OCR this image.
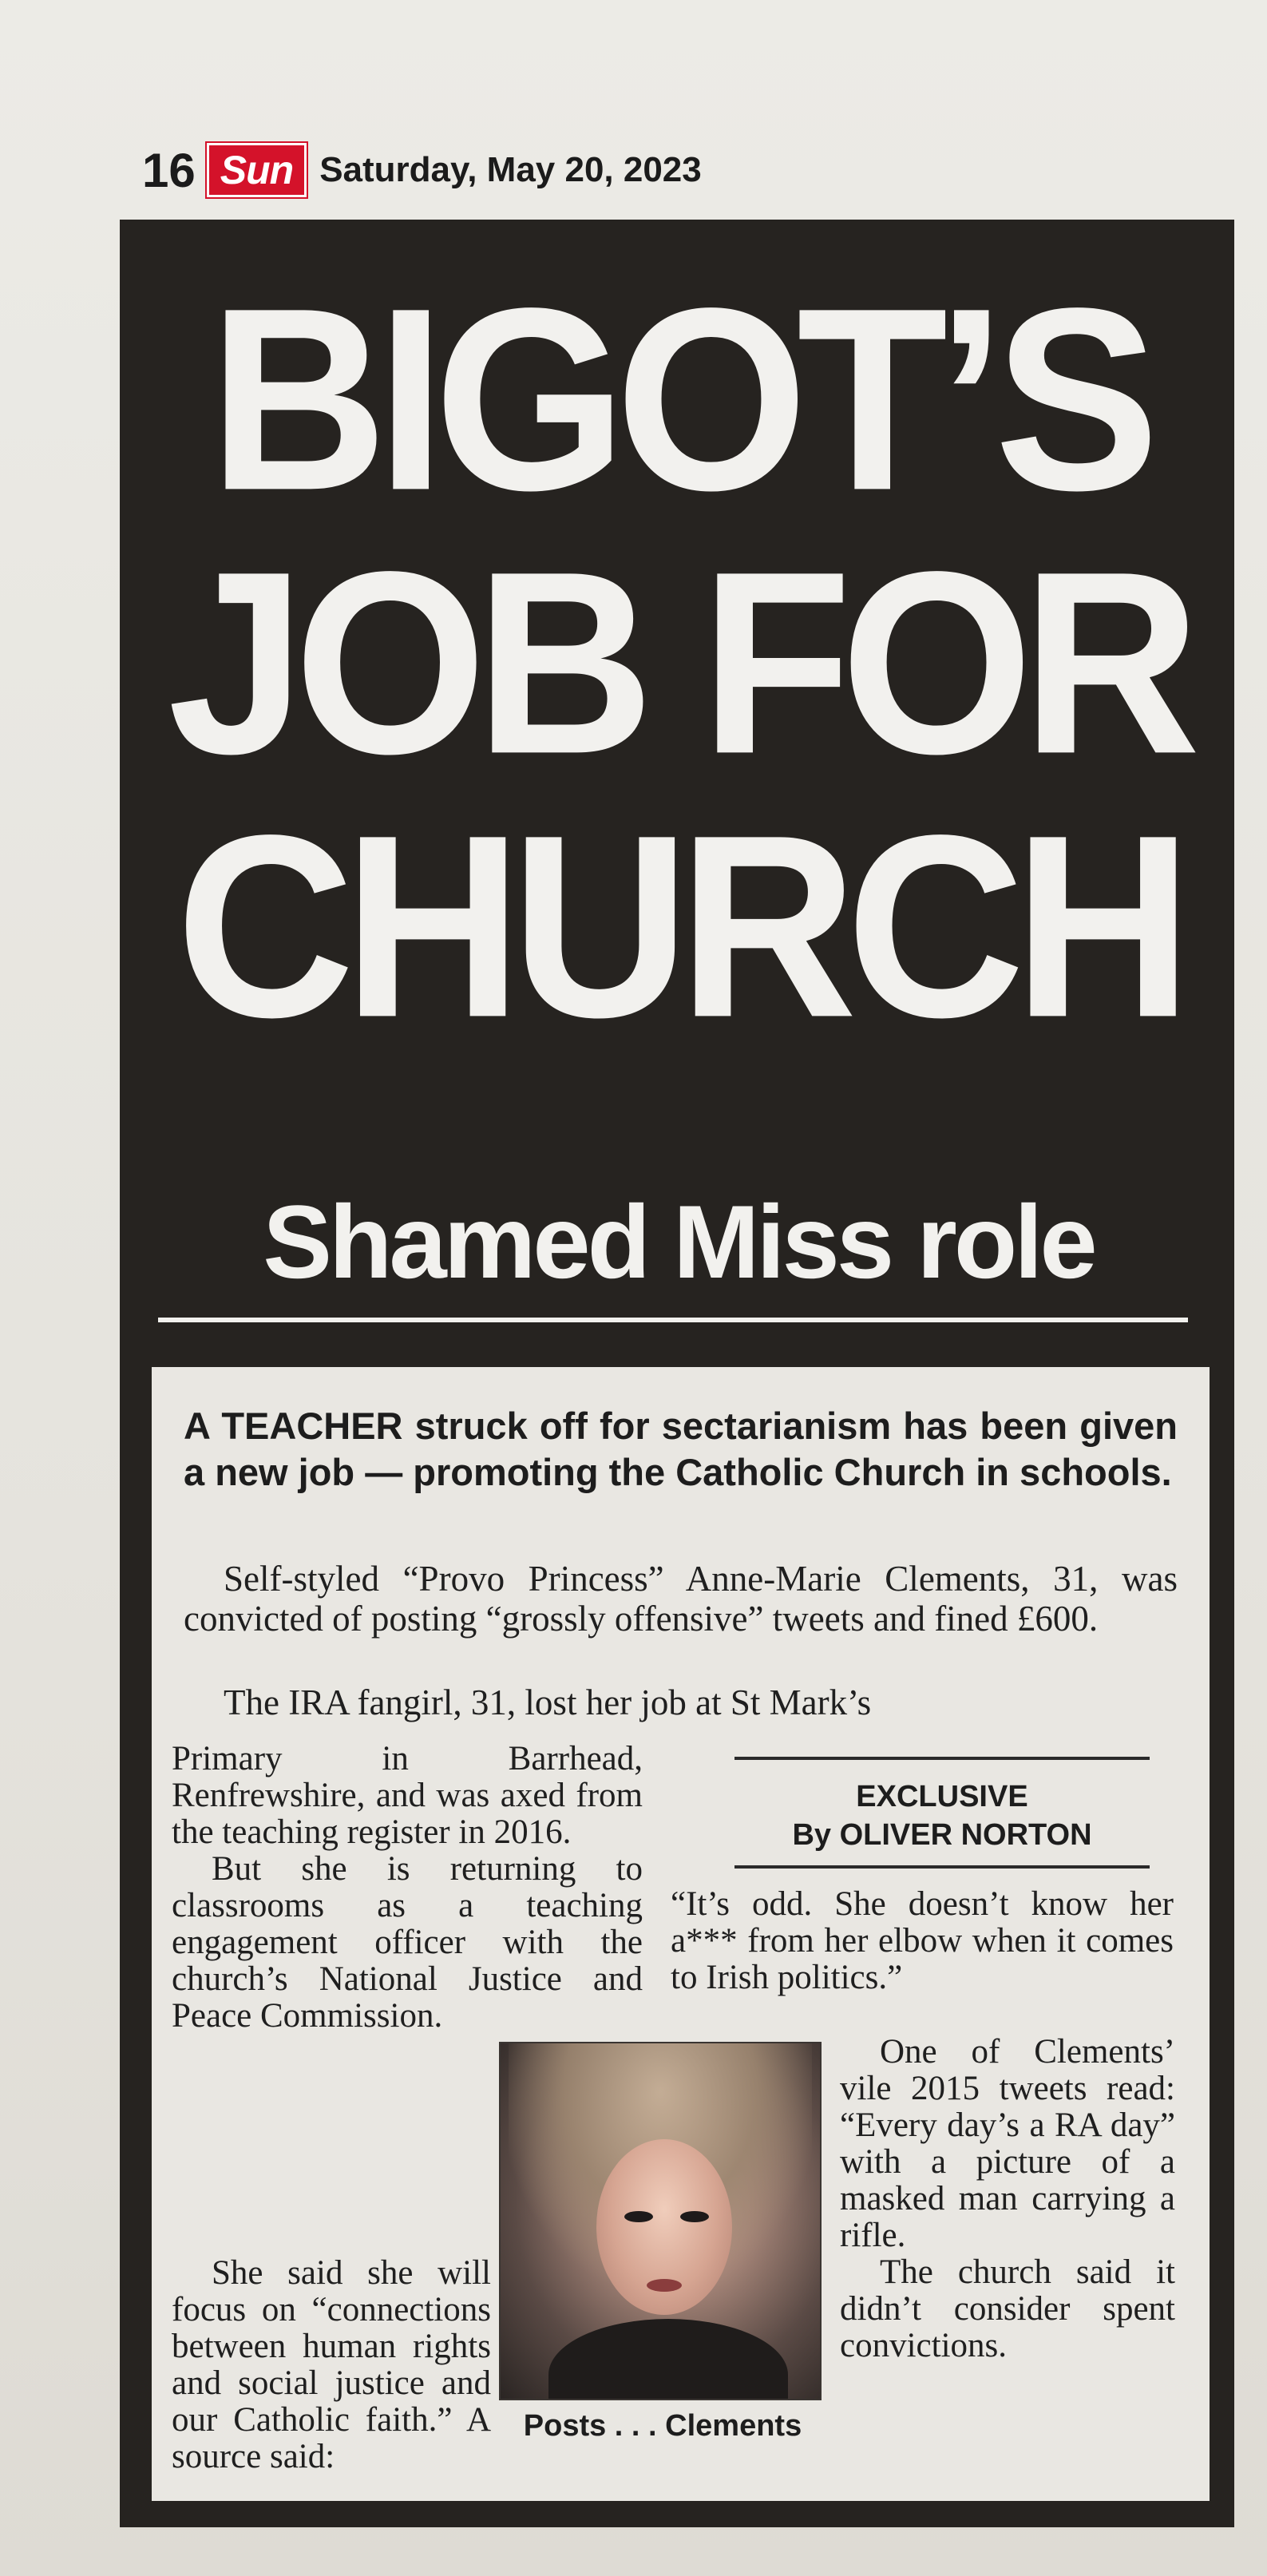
16 Sun Saturday, May 20, 2023
BIGOT’S
JOB FOR
CHURCH
Shamed Miss role
A TEACHER struck off for sectarianism has been given a new job — promoting the Catholic Church in schools.
Self-styled “Provo Princess” Anne-Marie Clements, 31, was convicted of posting “grossly offensive” tweets and fined £600.
The IRA fangirl, 31, lost her job at St Mark’s
EXCLUSIVE
By OLIVER NORTON

Primary in Barrhead, Renfrewshire, and was axed from the teaching register in 2016.

But she is returning to classrooms as a teaching engagement officer with the church’s National Justice and Peace Commission.

“It’s odd. She doesn’t know her a*** from her elbow when it comes to Irish politics.”

She said she will focus on “connections between human rights and social justice and our Catholic faith.” A source said:

Posts . . . Clements

One of Clements’ vile 2015 tweets read: “Every day’s a RA day” with a picture of a masked man carrying a rifle.

The church said it didn’t consider spent convictions.
